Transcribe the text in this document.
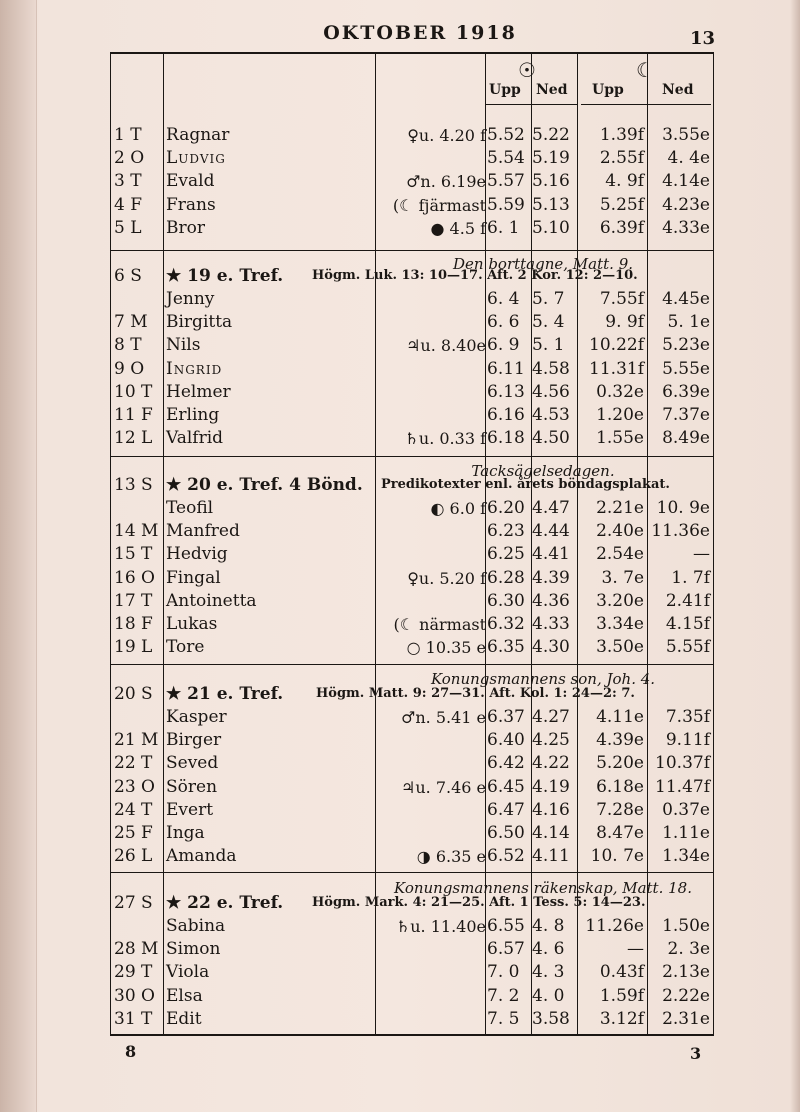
OKTOBER 1918	13
☉	☾
Upp Ned Upp	Ned
1 T	Ragnar	♀u. 4.20 f 5.52 5.22	1.39f	3.55e
2 O	Ludvig	5.54 5.19	2.55f	4. 4e
3 T	Evald	♂n. 6.19e 5.57 5.16	4. 9f	4.14e
4 F	Frans	(☾ fjärmast 5.59 5.13	5.25f	4.23e
5 L	Bror	● 4.5 f 6. 1 5.10	6.39f	4.33e
Den borttagne, Matt. 9.
6 S ★ 19 e. Tref. Högm. Luk. 13: 10—17. Aft. 2 Kor. 12: 2—10.
Jenny	6. 4 5. 7	7.55f	4.45e
7 M	Birgitta	6. 6 5. 4	9. 9f	5. 1e
8 T	Nils	♃u. 8.40e 6. 9 5. 1	10.22f	5.23e
9 O	Ingrid	6.11 4.58	11.31f	5.55e
10 T Helmer	6.13 4.56	0.32e	6.39e
11 F Erling	6.16 4.53	1.20e	7.37e
12 L Valfrid	♄u. 0.33 f 6.18 4.50	1.55e	8.49e
Tacksägelsedagen.
13 S ★ 20 e. Tref. 4 Bönd. Predikotexter enl. årets böndagsplakat.
Teofil	◐ 6.0 f 6.20 4.47	2.21e 10. 9e
14 M Manfred	6.23 4.44	2.40e 11.36e
15 T Hedvig	6.25 4.41	2.54e	—
16 O Fingal	♀u. 5.20 f 6.28 4.39	3. 7e	1. 7f
17 T Antoinetta	6.30 4.36	3.20e	2.41f
18 F Lukas	(☾ närmast 6.32 4.33	3.34e	4.15f
19 L Tore	○ 10.35 e 6.35 4.30	3.50e	5.55f
Konungsmannens son, Joh. 4.
20 S ★ 21 e. Tref.	Högm. Matt. 9: 27—31. Aft. Kol. 1: 24—2: 7.
Kasper	♂n. 5.41 e 6.37 4.27	4.11e	7.35f
21 M Birger	6.40 4.25	4.39e	9.11f
22 T Seved	6.42 4.22	5.20e 10.37f
23 O Sören	♃u. 7.46 e 6.45 4.19	6.18e 11.47f
24 T Evert	6.47 4.16	7.28e	0.37e
25 F Inga	6.50 4.14	8.47e	1.11e
26 L Amanda	◑ 6.35 e 6.52 4.11	10. 7e	1.34e
Konungsmannens räkenskap, Matt. 18.
27 S ★ 22 e. Tref. Högm. Mark. 4: 21—25. Aft. 1 Tess. 5: 14—23.
Sabina	♄u. 11.40e 6.55 4. 8	11.26e	1.50e
28 M Simon	6.57 4. 6	—	2. 3e
29 T Viola	7. 0 4. 3	0.43f	2.13e
30 O Elsa	7. 2 4. 0	1.59f	2.22e
31 T Edit	7. 5 3.58	3.12f	2.31e
8	3
